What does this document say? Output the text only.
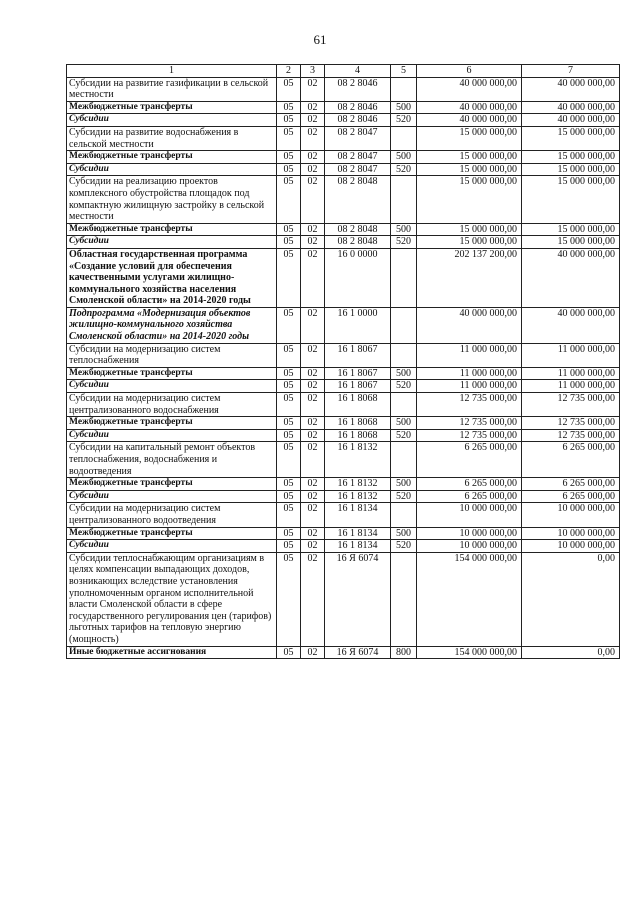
61
1	2	3	4	5	6	7
Субсидии на развитие газификации в сельской местности	05	02	08 2 8046		40 000 000,00	40 000 000,00
Межбюджетные трансферты	05	02	08 2 8046	500	40 000 000,00	40 000 000,00
Субсидии	05	02	08 2 8046	520	40 000 000,00	40 000 000,00
Субсидии на развитие водоснабжения в сельской местности	05	02	08 2 8047		15 000 000,00	15 000 000,00
Межбюджетные трансферты	05	02	08 2 8047	500	15 000 000,00	15 000 000,00
Субсидии	05	02	08 2 8047	520	15 000 000,00	15 000 000,00
Субсидии на реализацию проектов комплексного обустройства площадок под компактную жилищную застройку в сельской местности	05	02	08 2 8048		15 000 000,00	15 000 000,00
Межбюджетные трансферты	05	02	08 2 8048	500	15 000 000,00	15 000 000,00
Субсидии	05	02	08 2 8048	520	15 000 000,00	15 000 000,00
Областная государственная программа «Создание условий для обеспечения качественными услугами жилищно-коммунального хозяйства населения Смоленской области» на 2014-2020 годы	05	02	16 0 0000		202 137 200,00	40 000 000,00
Подпрограмма «Модернизация объектов жилищно-коммунального хозяйства Смоленской области» на 2014-2020 годы	05	02	16 1 0000		40 000 000,00	40 000 000,00
Субсидии на модернизацию систем теплоснабжения	05	02	16 1 8067		11 000 000,00	11 000 000,00
Межбюджетные трансферты	05	02	16 1 8067	500	11 000 000,00	11 000 000,00
Субсидии	05	02	16 1 8067	520	11 000 000,00	11 000 000,00
Субсидии на модернизацию систем централизованного водоснабжения	05	02	16 1 8068		12 735 000,00	12 735 000,00
Межбюджетные трансферты	05	02	16 1 8068	500	12 735 000,00	12 735 000,00
Субсидии	05	02	16 1 8068	520	12 735 000,00	12 735 000,00
Субсидии на капитальный ремонт объектов теплоснабжения, водоснабжения и водоотведения	05	02	16 1 8132		6 265 000,00	6 265 000,00
Межбюджетные трансферты	05	02	16 1 8132	500	6 265 000,00	6 265 000,00
Субсидии	05	02	16 1 8132	520	6 265 000,00	6 265 000,00
Субсидии на модернизацию систем централизованного водоотведения	05	02	16 1 8134		10 000 000,00	10 000 000,00
Межбюджетные трансферты	05	02	16 1 8134	500	10 000 000,00	10 000 000,00
Субсидии	05	02	16 1 8134	520	10 000 000,00	10 000 000,00
Субсидии теплоснабжающим организациям в целях компенсации выпадающих доходов, возникающих вследствие установления уполномоченным органом исполнительной власти Смоленской области в сфере государственного регулирования цен (тарифов) льготных тарифов на тепловую энергию (мощность)	05	02	16 Я 6074		154 000 000,00	0,00
Иные бюджетные ассигнования	05	02	16 Я 6074	800	154 000 000,00	0,00
